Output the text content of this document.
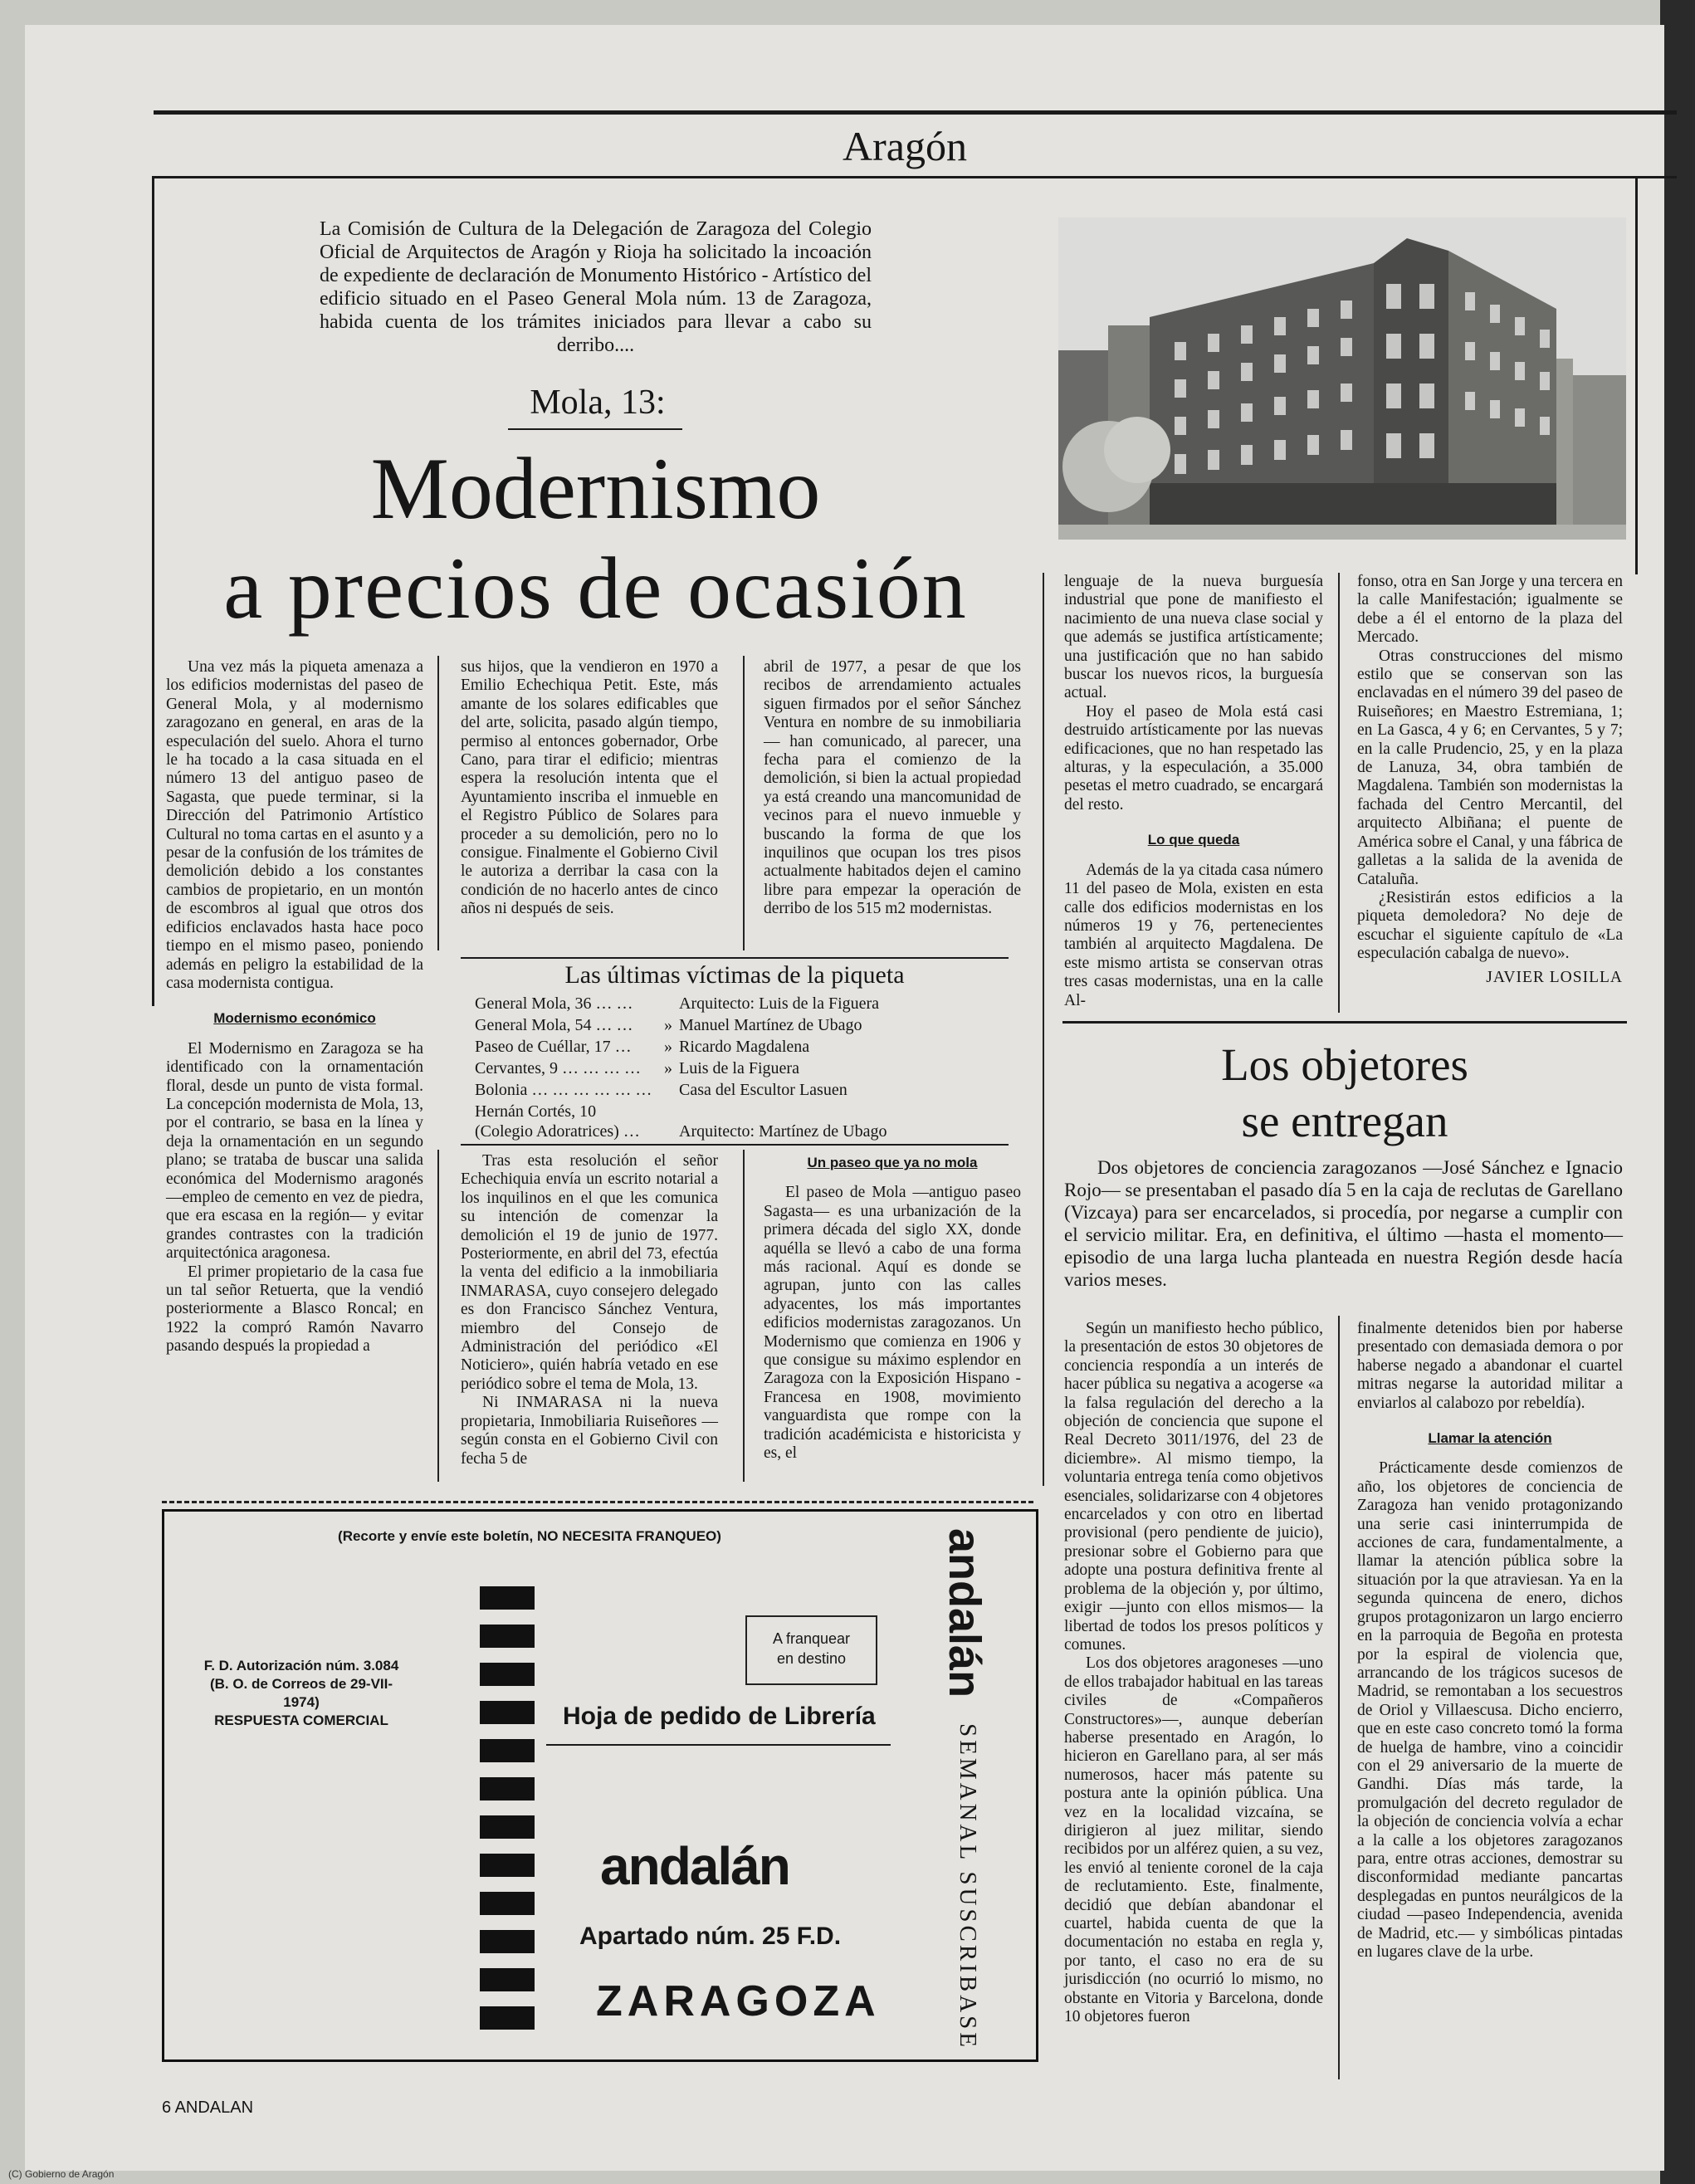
Aragón
La Comisión de Cultura de la Delegación de Zaragoza del Colegio Oficial de Arquitectos de Aragón y Rioja ha solicitado la incoación de expediente de declaración de Monumento Histórico - Artístico del edificio situado en el Paseo General Mola núm. 13 de Zaragoza, habida cuenta de los trámites iniciados para llevar a cabo su derribo....
Mola, 13:
Modernismo
a precios de ocasión

Una vez más la piqueta amenaza a los edificios modernistas del paseo de General Mola, y al modernismo zaragozano en general, en aras de la especulación del suelo. Ahora el turno le ha tocado a la casa situada en el número 13 del antiguo paseo de Sagasta, que puede terminar, si la Dirección del Patrimonio Artístico Cultural no toma cartas en el asunto y a pesar de la confusión de los trámites de demolición debido a los constantes cambios de propietario, en un montón de escombros al igual que otros dos edificios enclavados hasta hace poco tiempo en el mismo paseo, poniendo además en peligro la estabilidad de la casa modernista contigua.

Modernismo económico

El Modernismo en Zaragoza se ha identificado con la ornamentación floral, desde un punto de vista formal. La concepción modernista de Mola, 13, por el contrario, se basa en la línea y deja la ornamentación en un segundo plano; se trataba de buscar una salida económica del Modernismo aragonés —empleo de cemento en vez de piedra, que era escasa en la región— y evitar grandes contrastes con la tradición arquitectónica aragonesa.

El primer propietario de la casa fue un tal señor Retuerta, que la vendió posteriormente a Blasco Roncal; en 1922 la compró Ramón Navarro pasando después la propiedad a

sus hijos, que la vendieron en 1970 a Emilio Echechiqua Petit. Este, más amante de los solares edificables que del arte, solicita, pasado algún tiempo, permiso al entonces gobernador, Orbe Cano, para tirar el edificio; mientras espera la resolución intenta que el Ayuntamiento inscriba el inmueble en el Registro Público de Solares para proceder a su demolición, pero no lo consigue. Finalmente el Gobierno Civil le autoriza a derribar la casa con la condición de no hacerlo antes de cinco años ni después de seis.

abril de 1977, a pesar de que los recibos de arrendamiento actuales siguen firmados por el señor Sánchez Ventura en nombre de su inmobiliaria— han comunicado, al parecer, una fecha para el comienzo de la demolición, si bien la actual propiedad ya está creando una mancomunidad de vecinos para el nuevo inmueble y buscando la forma de que los inquilinos que ocupan los tres pisos actualmente habitados dejen el camino libre para empezar la operación de derribo de los 515 m2 modernistas.

Las últimas víctimas de la piqueta
General Mola, 36 … …		Arquitecto: Luis de la Figuera
General Mola, 54 … …	»	Manuel Martínez de Ubago
Paseo de Cuéllar, 17 …	»	Ricardo Magdalena
Cervantes, 9 … … … …	»	Luis de la Figuera
Bolonia … … … … … …		Casa del Escultor Lasuen
Hernán Cortés, 10 (Colegio Adoratrices) …		Arquitecto: Martínez de Ubago

Tras esta resolución el señor Echechiquia envía un escrito notarial a los inquilinos en el que les comunica su intención de comenzar la demolición el 19 de junio de 1977. Posteriormente, en abril del 73, efectúa la venta del edificio a la inmobiliaria INMARASA, cuyo consejero delegado es don Francisco Sánchez Ventura, miembro del Consejo de Administración del periódico «El Noticiero», quién habría vetado en ese periódico sobre el tema de Mola, 13.

Ni INMARASA ni la nueva propietaria, Inmobiliaria Ruiseñores —según consta en el Gobierno Civil con fecha 5 de

Un paseo que ya no mola

El paseo de Mola —antiguo paseo Sagasta— es una urbanización de la primera década del siglo XX, donde aquélla se llevó a cabo de una forma más racional. Aquí es donde se agrupan, junto con las calles adyacentes, los más importantes edificios modernistas zaragozanos. Un Modernismo que comienza en 1906 y que consigue su máximo esplendor en Zaragoza con la Exposición Hispano - Francesa en 1908, movimiento vanguardista que rompe con la tradición académicista e historicista y es, el

lenguaje de la nueva burguesía industrial que pone de manifiesto el nacimiento de una nueva clase social y que además se justifica artísticamente; una justificación que no han sabido buscar los nuevos ricos, la burguesía actual.

Hoy el paseo de Mola está casi destruido artísticamente por las nuevas edificaciones, que no han respetado las alturas, y la especulación, a 35.000 pesetas el metro cuadrado, se encargará del resto.

Lo que queda

Además de la ya citada casa número 11 del paseo de Mola, existen en esta calle dos edificios modernistas en los números 19 y 76, pertenecientes también al arquitecto Magdalena. De este mismo artista se conservan otras tres casas modernistas, una en la calle Al-

fonso, otra en San Jorge y una tercera en la calle Manifestación; igualmente se debe a él el entorno de la plaza del Mercado.

Otras construcciones del mismo estilo que se conservan son las enclavadas en el número 39 del paseo de Ruiseñores; en Maestro Estremiana, 1; en La Gasca, 4 y 6; en Cervantes, 5 y 7; en la calle Prudencio, 25, y en la plaza de Lanuza, 34, obra también de Magdalena. También son modernistas la fachada del Centro Mercantil, del arquitecto Albiñana; el puente de América sobre el Canal, y una fábrica de galletas a la salida de la avenida de Cataluña.

¿Resistirán estos edificios a la piqueta demoledora? No deje de escuchar el siguiente capítulo de «La especulación cabalga de nuevo».

JAVIER LOSILLA
Los objetores
se entregan
Dos objetores de conciencia zaragozanos —José Sánchez e Ignacio Rojo— se presentaban el pasado día 5 en la caja de reclutas de Garellano (Vizcaya) para ser encarcelados, si procedía, por negarse a cumplir con el servicio militar. Era, en definitiva, el último —hasta el momento— episodio de una larga lucha planteada en nuestra Región desde hacía varios meses.

Según un manifiesto hecho público, la presentación de estos 30 objetores de conciencia respondía a un interés de hacer pública su negativa a acogerse «a la falsa regulación del derecho a la objeción de conciencia que supone el Real Decreto 3011/1976, del 23 de diciembre». Al mismo tiempo, la voluntaria entrega tenía como objetivos esenciales, solidarizarse con 4 objetores encarcelados y con otro en libertad provisional (pero pendiente de juicio), presionar sobre el Gobierno para que adopte una postura definitiva frente al problema de la objeción y, por último, exigir —junto con ellos mismos— la libertad de todos los presos políticos y comunes.

Los dos objetores aragoneses —uno de ellos trabajador habitual en las tareas civiles de «Compañeros Constructores»—, aunque deberían haberse presentado en Aragón, lo hicieron en Garellano para, al ser más numerosos, hacer más patente su postura ante la opinión pública. Una vez en la localidad vizcaína, se dirigieron al juez militar, siendo recibidos por un alférez quien, a su vez, les envió al teniente coronel de la caja de reclutamiento. Este, finalmente, decidió que debían abandonar el cuartel, habida cuenta de que la documentación no estaba en regla y, por tanto, el caso no era de su jurisdicción (no ocurrió lo mismo, no obstante en Vitoria y Barcelona, donde 10 objetores fueron

finalmente detenidos bien por haberse presentado con demasiada demora o por haberse negado a abandonar el cuartel mitras negarse la autoridad militar a enviarlos al calabozo por rebeldía).

Llamar la atención

Prácticamente desde comienzos de año, los objetores de conciencia de Zaragoza han venido protagonizando una serie casi ininterrumpida de acciones de cara, fundamentalmente, a llamar la atención pública sobre la situación por la que atraviesan. Ya en la segunda quincena de enero, dichos grupos protagonizaron un largo encierro en la parroquia de Begoña en protesta por la espiral de violencia que, arrancando de los trágicos sucesos de Madrid, se remontaban a los secuestros de Oriol y Villaescusa. Dicho encierro, que en este caso concreto tomó la forma de huelga de hambre, vino a coincidir con el 29 aniversario de la muerte de Gandhi. Días más tarde, la promulgación del decreto regulador de la objeción de conciencia volvía a echar a la calle a los objetores zaragozanos para, entre otras acciones, demostrar su disconformidad mediante pancartas desplegadas en puntos neurálgicos de la ciudad —paseo Independencia, avenida de Madrid, etc.— y simbólicas pintadas en lugares clave de la urbe.

(Recorte y envíe este boletín, NO NECESITA FRANQUEO)
F. D. Autorización núm. 3.084
(B. O. de Correos de 29-VII-1974)
RESPUESTA COMERCIAL
A franquear
en destino
Hoja de pedido de Librería
andalán
Apartado núm. 25 F.D.
ZARAGOZA
andalán
SEMANAL SUSCRIBASE
6 ANDALAN
(C) Gobierno de Aragón
